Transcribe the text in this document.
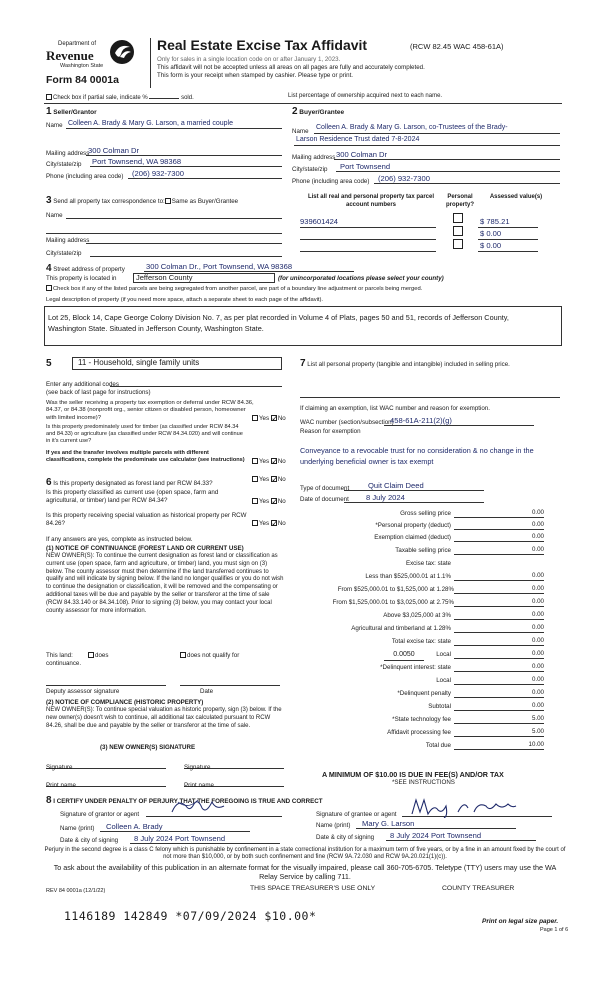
Department of
Revenue
Washington State
Form 84 0001a
Real Estate Excise Tax Affidavit	(RCW 82.45 WAC 458-61A)
Only for sales in a single location code on or after January 1, 2023.
This affidavit will not be accepted unless all areas on all pages are fully and accurately completed.
This form is your receipt when stamped by cashier. Please type or print.
Check box if partial sale, indicate %	sold.	List percentage of ownership acquired next to each name.
1 Seller/Grantor
Name Colleen A. Brady & Mary G. Larson, a married couple
Mailing address
300 Colman Dr
City/state/zip Port Townsend, WA 98368
Phone (including area code) (206) 932-7300
2 Buyer/Grantee
Name
Colleen A. Brady & Mary G. Larson, co-Trustees of the Brady-
Larson Residence Trust dated 7-8-2024
Mailing address 300 Colman Dr
City/state/zip Port Townsend
Phone (including area code) (206) 932-7300
3 Send all property tax correspondence to: Same as Buyer/Grantee
Name
Mailing address
City/state/zip
List all real and personal property tax parcel account numbers
Personal property?
Assessed value(s)
939601424	$ 785.21
$ 0.00
$ 0.00
4 Street address of property	300 Colman Dr., Port Townsend, WA 98368
This property is located in	Jefferson County	(for unincorporated locations please select your county)
Check box if any of the listed parcels are being segregated from another parcel, are part of a boundary line adjustment or parcels being merged.
Legal description of property (if you need more space, attach a separate sheet to each page of the affidavit).
Lot 25, Block 14, Cape George Colony Division No. 7, as per plat recorded in Volume 4 of Plats, pages 50 and 51, records of Jefferson County, Washington State. Situated in Jefferson County, Washington State.
5	11 - Household, single family units
Enter any additional codes
(see back of last page for instructions)
Was the seller receiving a property tax exemption or deferral under RCW 84.36, 84.37, or 84.38 (nonprofit org., senior citizen or disabled person, homeowner with limited income)?	Yes ✓ No
Is this property predominately used for timber (as classified under RCW 84.34 and 84.33) or agriculture (as classified under RCW 84.34.020) and will continue in it's current use?
If yes and the transfer involves multiple parcels with different classifications, complete the predominate use calculator (see instructions)	Yes ✓ No
6 Is this property designated as forest land per RCW 84.33?
Yes ✓ No
Is this property classified as current use (open space, farm and agricultural, or timber) land per RCW 84.34?	Yes ✓ No
Is this property receiving special valuation as historical property per RCW 84.26?	Yes ✓ No
If any answers are yes, complete as instructed below.
(1) NOTICE OF CONTINUANCE (FOREST LAND OR CURRENT USE)
NEW OWNER(S): To continue the current designation as forest land or classification as current use (open space, farm and agriculture, or timber) land, you must sign on (3) below. The county assessor must then determine if the land transferred continues to qualify and will indicate by signing below. If the land no longer qualifies or you do not wish to continue the designation or classification, it will be removed and the compensating or additional taxes will be due and payable by the seller or transferor at the time of sale (RCW 84.33.140 or 84.34.108). Prior to signing (3) below, you may contact your local county assessor for more information.
This land:	does	does not qualify for
continuance.
Deputy assessor signature	Date
(2) NOTICE OF COMPLIANCE (HISTORIC PROPERTY)
NEW OWNER(S): To continue special valuation as historic property, sign (3) below. If the new owner(s) doesn't wish to continue, all additional tax calculated pursuant to RCW 84.26, shall be due and payable by the seller or transferor at the time of sale.
(3) NEW OWNER(S) SIGNATURE
Signature	Signature
Print name	Print name
7 List all personal property (tangible and intangible) included in selling price.
If claiming an exemption, list WAC number and reason for exemption.
WAC number (section/subsection)
458-61A-211(2)(g)
Reason for exemption
Conveyance to a revocable trust for no consideration & no change in the underlying beneficial owner is tax exempt
Type of document Quit Claim Deed
Date of document 8 July 2024
Gross selling price	0.00
*Personal property (deduct)	0.00
Exemption claimed (deduct)	0.00
Taxable selling price	0.00
Excise tax: state
Less than $525,000.01 at 1.1%	0.00
From $525,000.01 to $1,525,000 at 1.28%	0.00
From $1,525,000.01 to $3,025,000 at 2.75%	0.00
Above $3,025,000 at 3%	0.00
Agricultural and timberland at 1.28%	0.00
Total excise tax: state	0.00
0.0050	Local	0.00
*Delinquent interest: state	0.00
Local	0.00
*Delinquent penalty	0.00
Subtotal	0.00
*State technology fee	5.00
Affidavit processing fee	5.00
Total due	10.00
A MINIMUM OF $10.00 IS DUE IN FEE(S) AND/OR TAX
*SEE INSTRUCTIONS
8 I CERTIFY UNDER PENALTY OF PERJURY THAT THE FOREGOING IS TRUE AND CORRECT
Signature of grantor or agent
Name (print) Colleen A. Brady
Date & city of signing 8 July 2024 Port Townsend
Signature of grantee or agent
Name (print) Mary G. Larson
Date & city of signing 8 July 2024 Port Townsend
Perjury in the second degree is a class C felony which is punishable by confinement in a state correctional institution for a maximum term of five years, or by a fine in an amount fixed by the court of not more than $10,000, or by both such confinement and fine (RCW 9A.72.030 and RCW 9A.20.021(1)(c)).
To ask about the availability of this publication in an alternate format for the visually impaired, please call 360-705-6705. Teletype (TTY) users may use the WA Relay Service by calling 711.
REV 84 0001a (12/1/22)	THIS SPACE TREASURER'S USE ONLY	COUNTY TREASURER
1146189 142849 *07/09/2024 $10.00*	Print on legal size paper.
Page 1 of 6
